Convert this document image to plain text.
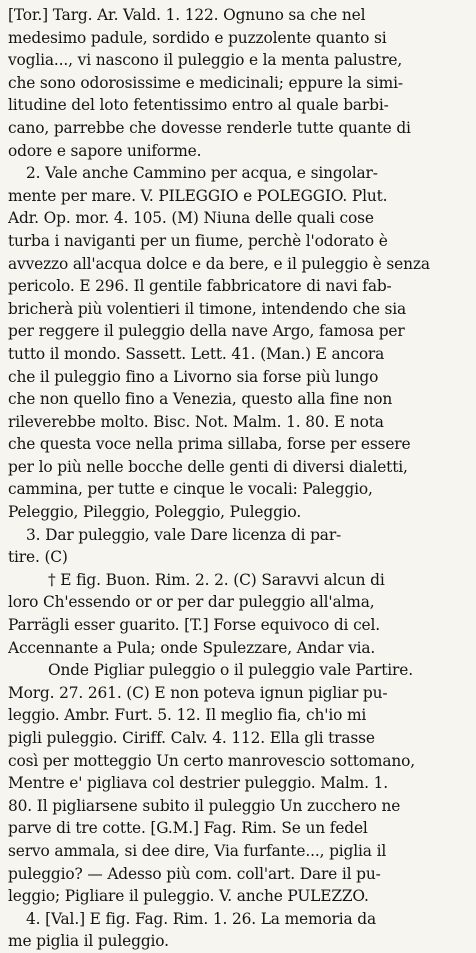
[Tor.] Targ. Ar. Vald. 1. 122. Ognuno sa che nel
medesimo padule, sordido e puzzolente quanto si
voglia..., vi nascono il puleggio e la menta palustre,
che sono odorosissime e medicinali; eppure la simi-
litudine del loto fetentissimo entro al quale barbi-
cano, parrebbe che dovesse renderle tutte quante di
odore e sapore uniforme.
2. Vale anche Cammino per acqua, e singolar-
mente per mare. V. PILEGGIO e POLEGGIO. Plut.
Adr. Op. mor. 4. 105. (M) Niuna delle quali cose
turba i naviganti per un fiume, perchè l'odorato è
avvezzo all'acqua dolce e da bere, e il puleggio è senza
pericolo. E 296. Il gentile fabbricatore di navi fab-
bricherà più volentieri il timone, intendendo che sia
per reggere il puleggio della nave Argo, famosa per
tutto il mondo. Sassett. Lett. 41. (Man.) E ancora
che il puleggio fino a Livorno sia forse più lungo
che non quello fino a Venezia, questo alla fine non
rileverebbe molto. Bisc. Not. Malm. 1. 80. E nota
che questa voce nella prima sillaba, forse per essere
per lo più nelle bocche delle genti di diversi dialetti,
cammina, per tutte e cinque le vocali: Paleggio,
Peleggio, Pileggio, Poleggio, Puleggio.
3. Dar puleggio, vale Dare licenza di par-
tire. (C)
† E fig. Buon. Rim. 2. 2. (C) Saravvi alcun di
loro Ch'essendo or or per dar puleggio all'alma,
Parrägli esser guarito. [T.] Forse equivoco di cel.
Accennante a Pula; onde Spulezzare, Andar via.
Onde Pigliar puleggio o il puleggio vale Partire.
Morg. 27. 261. (C) E non poteva ignun pigliar pu-
leggio. Ambr. Furt. 5. 12. Il meglio fia, ch'io mi
pigli puleggio. Ciriff. Calv. 4. 112. Ella gli trasse
così per motteggio Un certo manrovescio sottomano,
Mentre e' pigliava col destrier puleggio. Malm. 1.
80. Il pigliarsene subito il puleggio Un zucchero ne
parve di tre cotte. [G.M.] Fag. Rim. Se un fedel
servo ammala, si dee dire, Via furfante..., piglia il
puleggio? — Adesso più com. coll'art. Dare il pu-
leggio; Pigliare il puleggio. V. anche PULEZZO.
4. [Val.] E fig. Fag. Rim. 1. 26. La memoria da
me piglia il puleggio.
